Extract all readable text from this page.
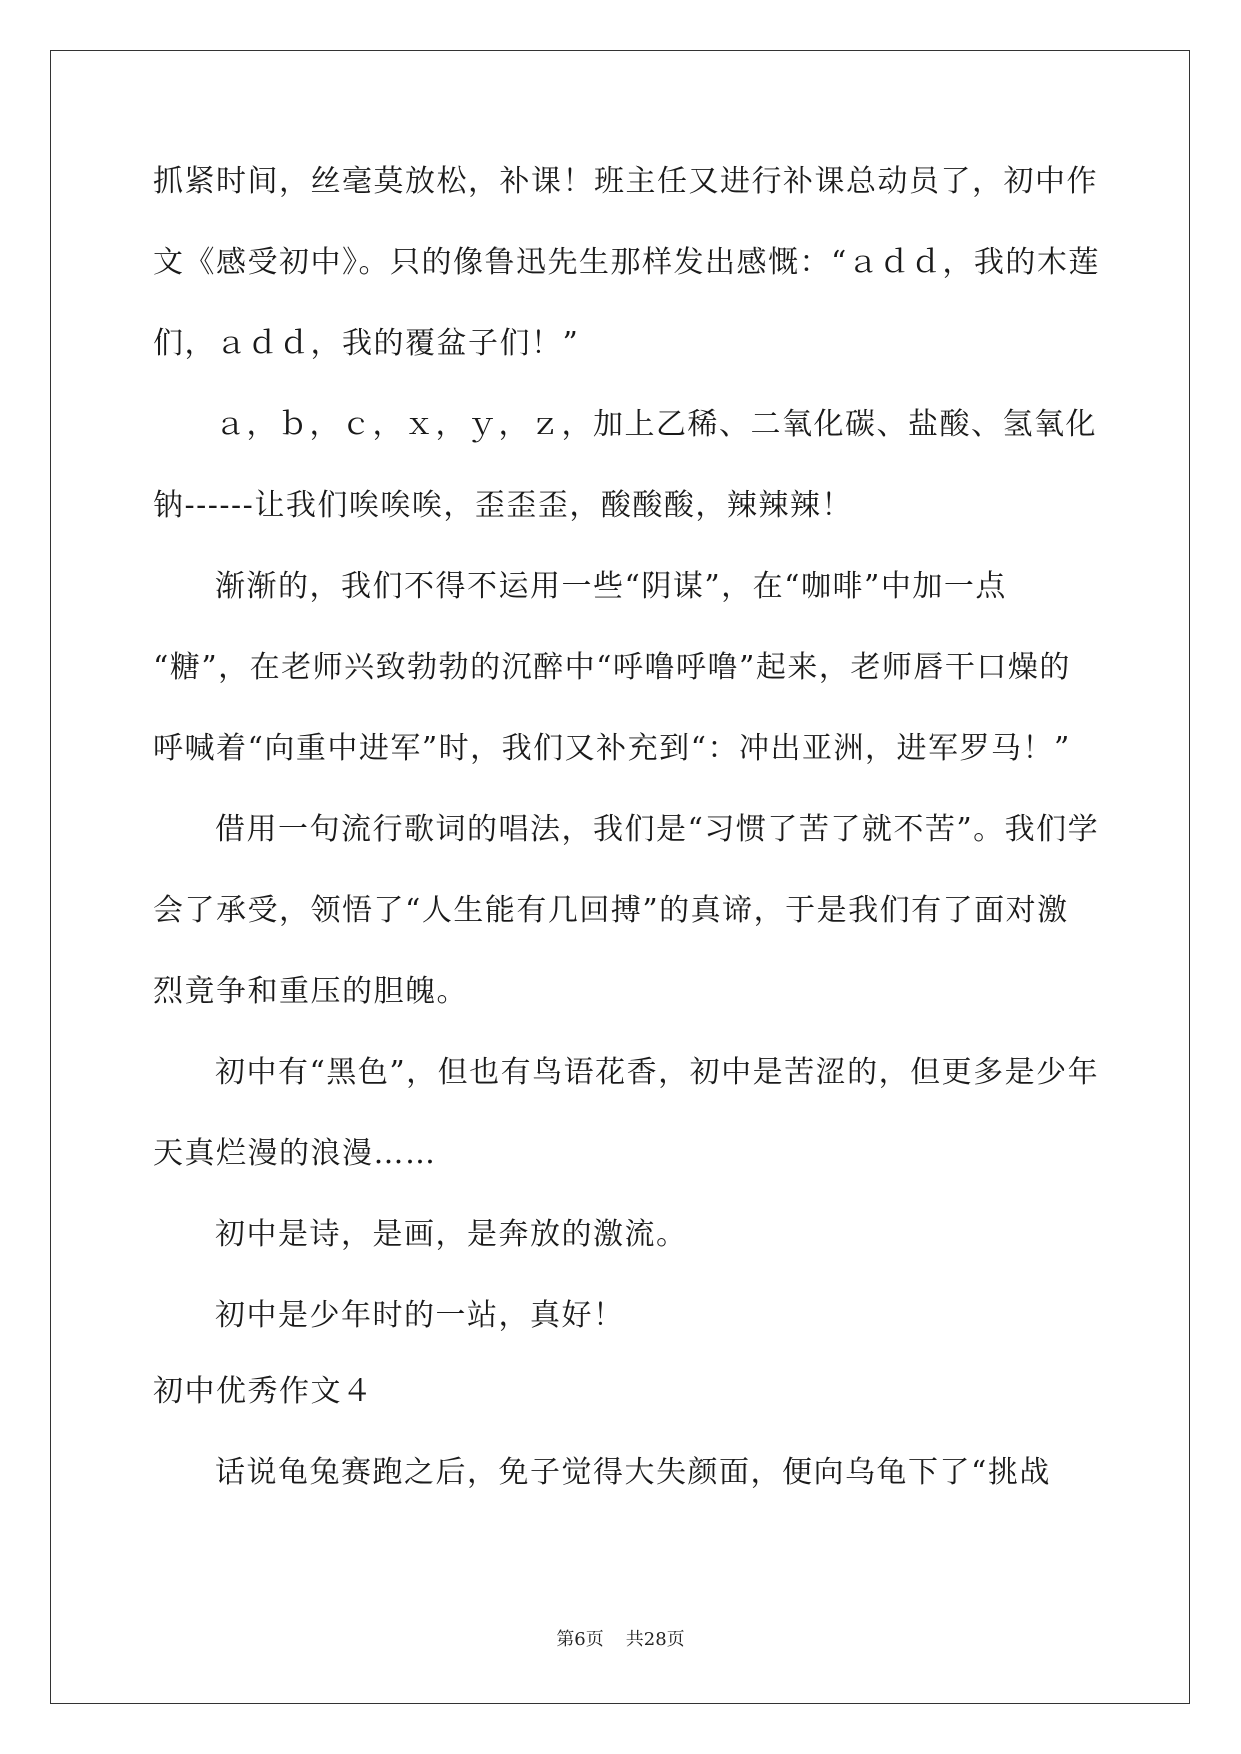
抓紧时间，丝毫莫放松，补课！班主任又进行补课总动员了，初中作
文《感受初中》。只的像鲁迅先生那样发出感慨：“ａｄｄ，我的木莲
们，ａｄｄ，我的覆盆子们！”
ａ，ｂ，ｃ，ｘ，ｙ，ｚ，加上乙稀、二氧化碳、盐酸、氢氧化
钠------让我们唉唉唉，歪歪歪，酸酸酸，辣辣辣！
渐渐的，我们不得不运用一些“阴谋”，在“咖啡”中加一点
“糖”，在老师兴致勃勃的沉醉中“呼噜呼噜”起来，老师唇干口燥的
呼喊着“向重中进军”时，我们又补充到“：冲出亚洲，进军罗马！”
借用一句流行歌词的唱法，我们是“习惯了苦了就不苦”。我们学
会了承受，领悟了“人生能有几回搏”的真谛，于是我们有了面对激
烈竟争和重压的胆魄。
初中有“黑色”，但也有鸟语花香，初中是苦涩的，但更多是少年
天真烂漫的浪漫……
初中是诗，是画，是奔放的激流。
初中是少年时的一站，真好！
初中优秀作文４
话说龟兔赛跑之后，免子觉得大失颜面，便向乌龟下了“挑战
第6页 共28页
